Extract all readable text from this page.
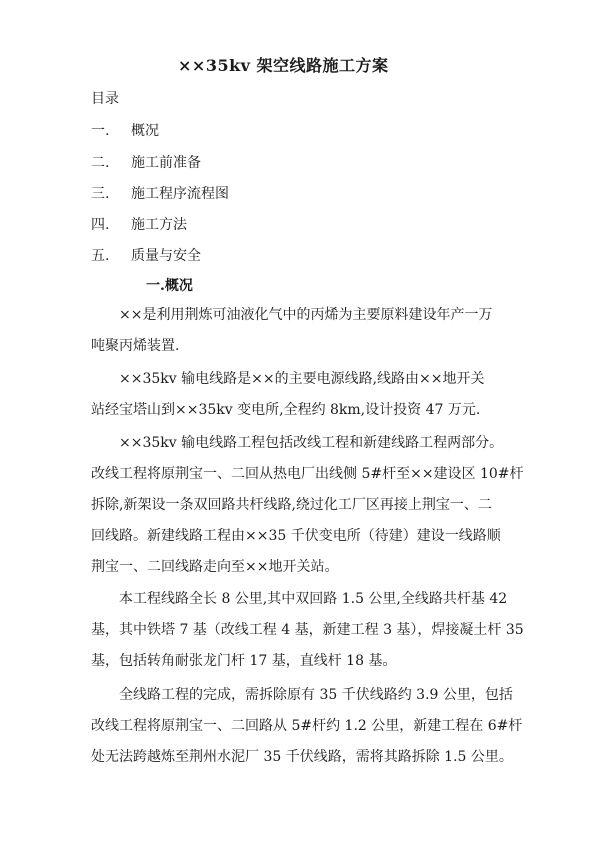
××35kv 架空线路施工方案
目录
一. 概况
二. 施工前准备
三. 施工程序流程图
四. 施工方法
五. 质量与安全
一.概况

××是利用荆炼可油液化气中的丙烯为主要原料建设年产一万
吨聚丙烯装置.

××35kv 输电线路是××的主要电源线路,线路由××地开关
站经宝塔山到××35kv 变电所,全程约 8km,设计投资 47 万元.

××35kv 输电线路工程包括改线工程和新建线路工程两部分。
改线工程将原荆宝一、二回从热电厂出线侧 5#杆至××建设区 10#杆
拆除,新架设一条双回路共杆线路,绕过化工厂区再接上荆宝一、二
回线路。新建线路工程由××35 千伏变电所（待建）建设一线路顺
荆宝一、二回线路走向至××地开关站。

本工程线路全长 8 公里,其中双回路 1.5 公里,全线路共杆基 42
基，其中铁塔 7 基（改线工程 4 基，新建工程 3 基），焊接凝土杆 35
基，包括转角耐张龙门杆 17 基，直线杆 18 基。

全线路工程的完成，需拆除原有 35 千伏线路约 3.9 公里，包括
改线工程将原荆宝一、二回路从 5#杆约 1.2 公里，新建工程在 6#杆
处无法跨越炼至荆州水泥厂 35 千伏线路，需将其路拆除 1.5 公里。
